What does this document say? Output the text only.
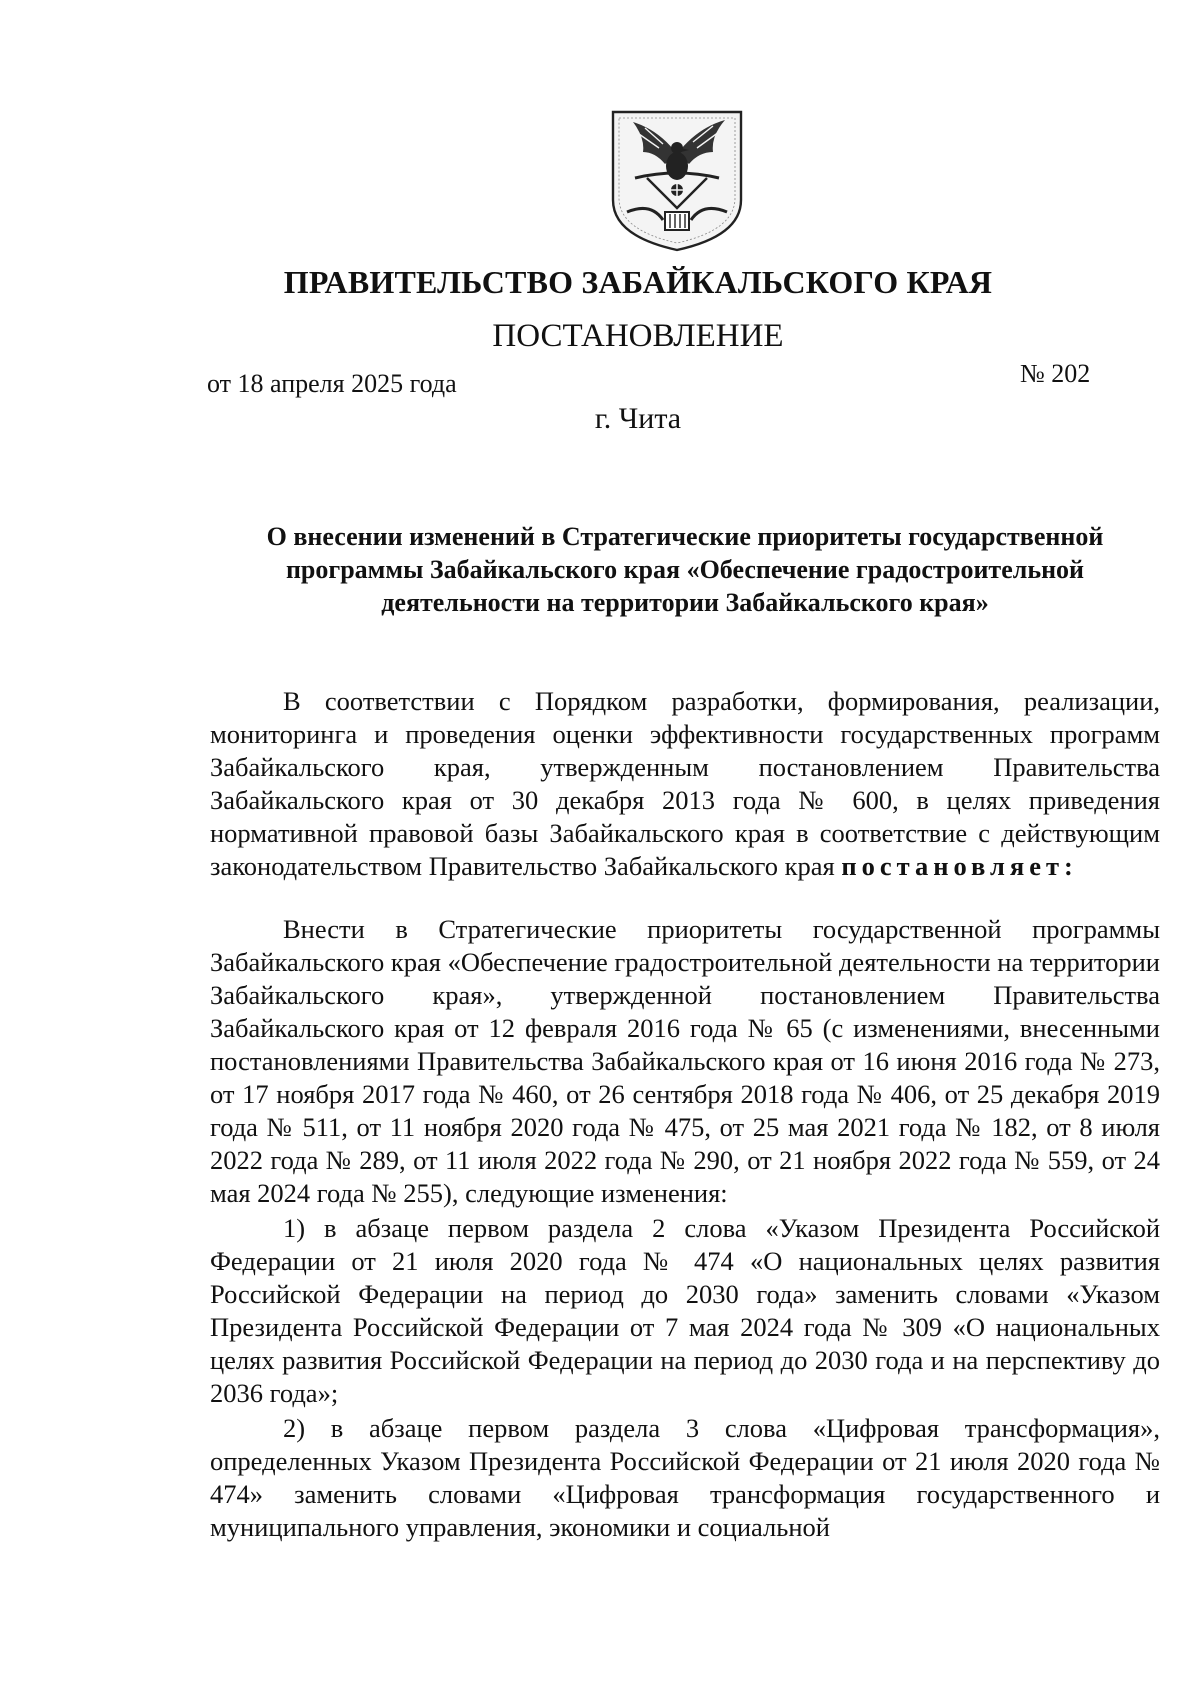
ПРАВИТЕЛЬСТВО ЗАБАЙКАЛЬСКОГО КРАЯ
ПОСТАНОВЛЕНИЕ
от 18 апреля 2025 года	№ 202
г. Чита
О внесении изменений в Стратегические приоритеты государственной программы Забайкальского края «Обеспечение градостроительной деятельности на территории Забайкальского края»

В соответствии с Порядком разработки, формирования, реализации, мониторинга и проведения оценки эффективности государственных программ Забайкальского края, утвержденным постановлением Правительства Забайкальского края от 30 декабря 2013 года № 600, в целях приведения нормативной правовой базы Забайкальского края в соответствие с действующим законодательством Правительство Забайкальского края постановляет:

Внести в Стратегические приоритеты государственной программы Забайкальского края «Обеспечение градостроительной деятельности на территории Забайкальского края», утвержденной постановлением Правительства Забайкальского края от 12 февраля 2016 года № 65 (с изменениями, внесенными постановлениями Правительства Забайкальского края от 16 июня 2016 года № 273, от 17 ноября 2017 года № 460, от 26 сентября 2018 года № 406, от 25 декабря 2019 года № 511, от 11 ноября 2020 года № 475, от 25 мая 2021 года № 182, от 8 июля 2022 года № 289, от 11 июля 2022 года № 290, от 21 ноября 2022 года № 559, от 24 мая 2024 года № 255), следующие изменения:

1) в абзаце первом раздела 2 слова «Указом Президента Российской Федерации от 21 июля 2020 года № 474 «О национальных целях развития Российской Федерации на период до 2030 года» заменить словами «Указом Президента Российской Федерации от 7 мая 2024 года № 309 «О национальных целях развития Российской Федерации на период до 2030 года и на перспективу до 2036 года»;

2) в абзаце первом раздела 3 слова «Цифровая трансформация», определенных Указом Президента Российской Федерации от 21 июля 2020 года № 474» заменить словами «Цифровая трансформация государственного и муниципального управления, экономики и социальной
